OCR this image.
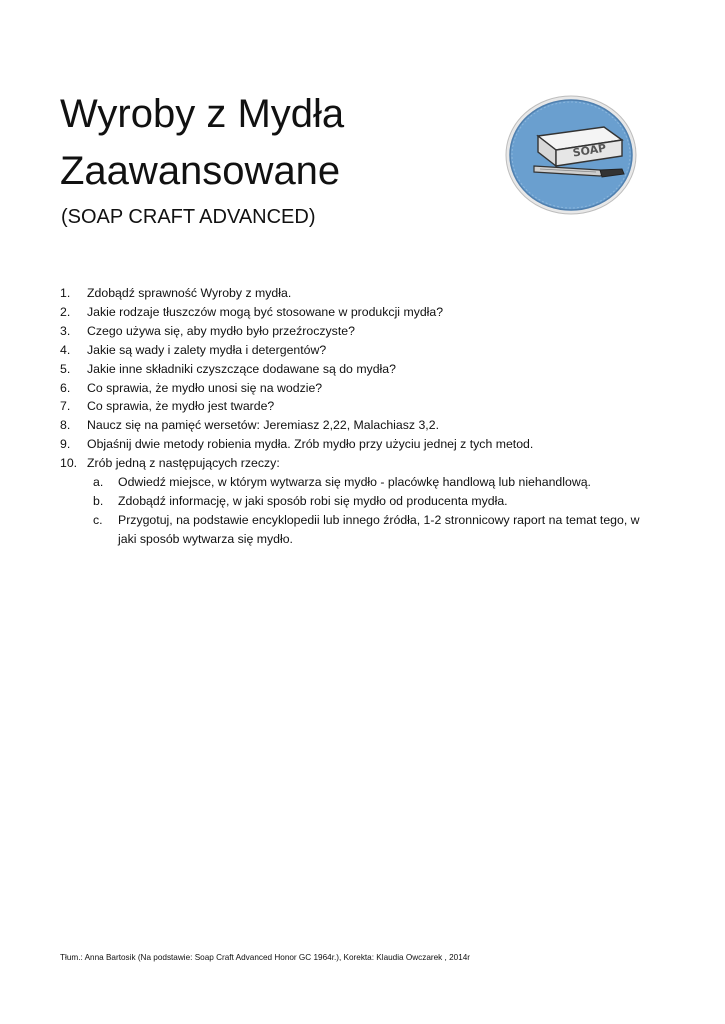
Wyroby z Mydła
Zaawansowane

(SOAP CRAFT ADVANCED)

SOAP
1. Zdobądź sprawność Wyroby z mydła.
2. Jakie rodzaje tłuszczów mogą być stosowane w produkcji mydła?
3. Czego używa się, aby mydło było przeźroczyste?
4. Jakie są wady i zalety mydła i detergentów?
5. Jakie inne składniki czyszczące dodawane są do mydła?
6. Co sprawia, że mydło unosi się na wodzie?
7. Co sprawia, że mydło jest twarde?
8. Naucz się na pamięć wersetów: Jeremiasz 2,22, Malachiasz 3,2.
9. Objaśnij dwie metody robienia mydła. Zrób mydło przy użyciu jednej z tych metod.
10. Zrób jedną z następujących rzeczy:
a. Odwiedź miejsce, w którym wytwarza się mydło - placówkę handlową lub niehandlową.
b. Zdobądź informację, w jaki sposób robi się mydło od producenta mydła.
c. Przygotuj, na podstawie encyklopedii lub innego źródła, 1-2 stronnicowy raport na temat tego, w jaki sposób wytwarza się mydło.
Tłum.: Anna Bartosik (Na podstawie: Soap Craft Advanced Honor GC 1964r.), Korekta: Klaudia Owczarek , 2014r
